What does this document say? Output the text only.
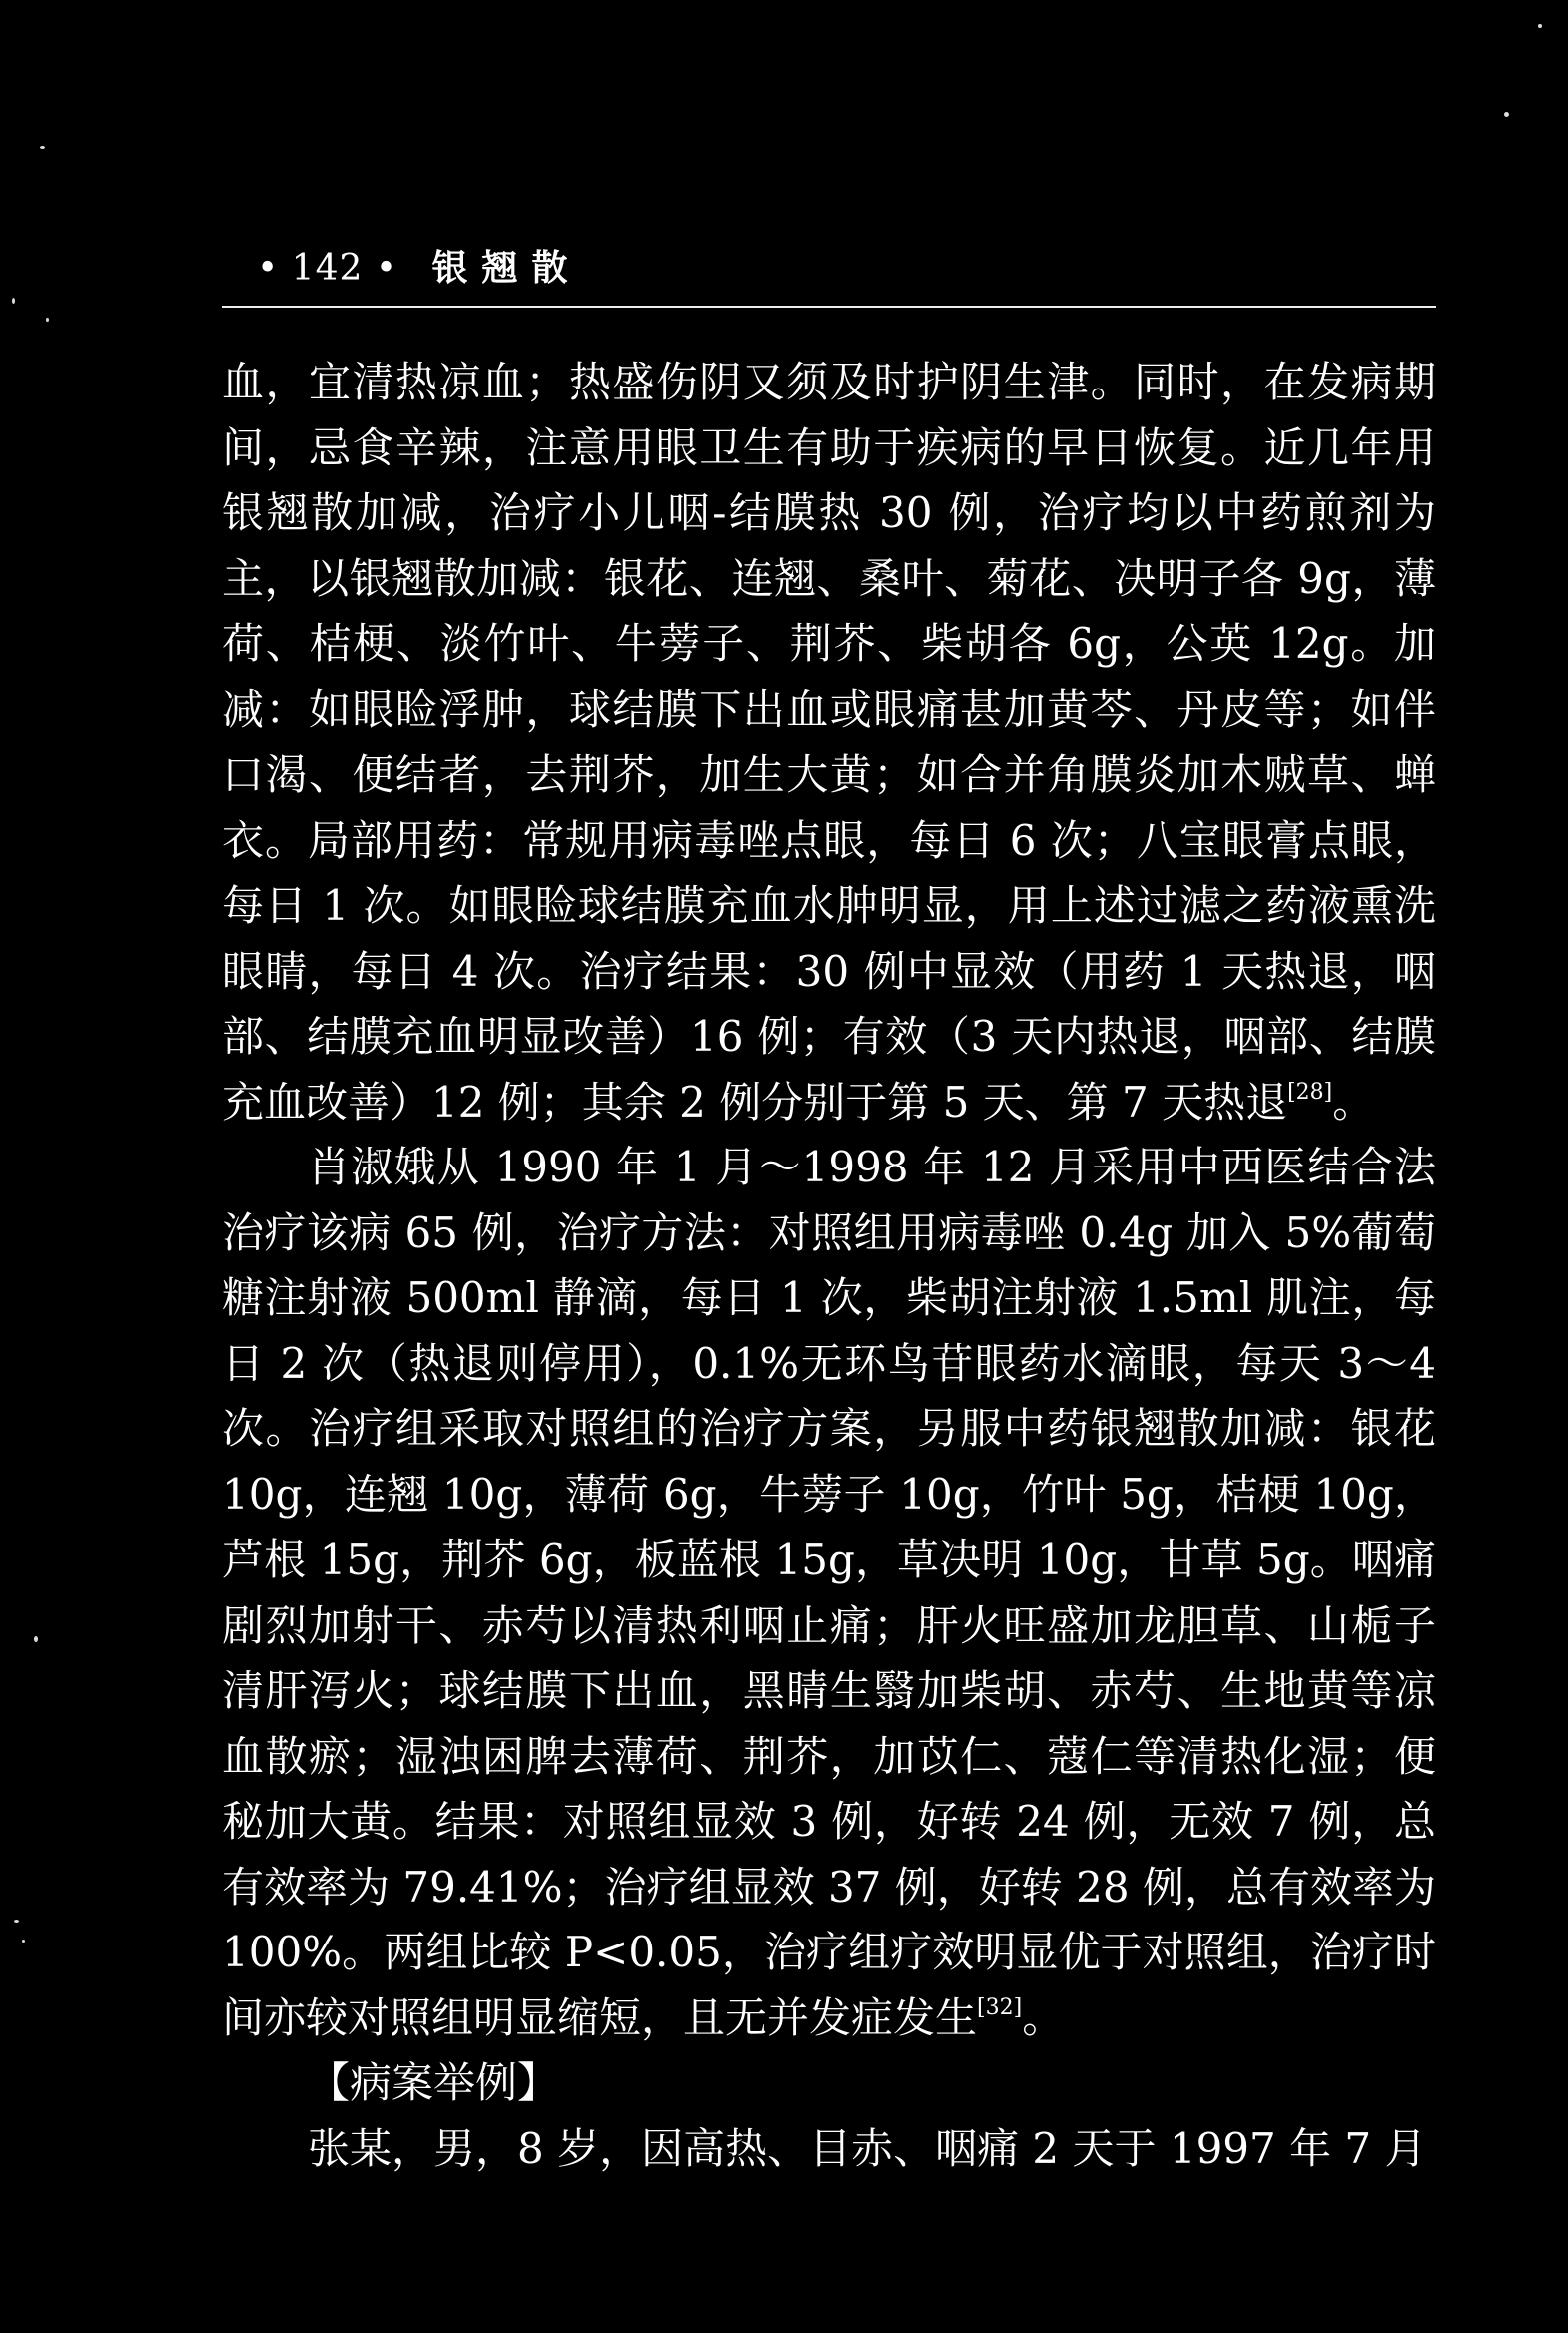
• 142 • 银翘散

血，宜清热凉血；热盛伤阴又须及时护阴生津。同时，在发病期间，忌食辛辣，注意用眼卫生有助于疾病的早日恢复。近几年用银翘散加减，治疗小儿咽-结膜热 30 例，治疗均以中药煎剂为主，以银翘散加减：银花、连翘、桑叶、菊花、决明子各 9g，薄荷、桔梗、淡竹叶、牛蒡子、荆芥、柴胡各 6g，公英 12g。加减：如眼睑浮肿，球结膜下出血或眼痛甚加黄芩、丹皮等；如伴口渴、便结者，去荆芥，加生大黄；如合并角膜炎加木贼草、蝉衣。局部用药：常规用病毒唑点眼，每日 6 次；八宝眼膏点眼，每日 1 次。如眼睑球结膜充血水肿明显，用上述过滤之药液熏洗眼睛，每日 4 次。治疗结果：30 例中显效（用药 1 天热退，咽部、结膜充血明显改善）16 例；有效（3 天内热退，咽部、结膜充血改善）12 例；其余 2 例分别于第 5 天、第 7 天热退[28]。

肖淑娥从 1990 年 1 月～1998 年 12 月采用中西医结合法治疗该病 65 例，治疗方法：对照组用病毒唑 0.4g 加入 5%葡萄糖注射液 500ml 静滴，每日 1 次，柴胡注射液 1.5ml 肌注，每日 2 次（热退则停用），0.1%无环鸟苷眼药水滴眼，每天 3～4 次。治疗组采取对照组的治疗方案，另服中药银翘散加减：银花 10g，连翘 10g，薄荷 6g，牛蒡子 10g，竹叶 5g，桔梗 10g，芦根 15g，荆芥 6g，板蓝根 15g，草决明 10g，甘草 5g。咽痛剧烈加射干、赤芍以清热利咽止痛；肝火旺盛加龙胆草、山栀子清肝泻火；球结膜下出血，黑睛生翳加柴胡、赤芍、生地黄等凉血散瘀；湿浊困脾去薄荷、荆芥，加苡仁、蔻仁等清热化湿；便秘加大黄。结果：对照组显效 3 例，好转 24 例，无效 7 例，总有效率为 79.41%；治疗组显效 37 例，好转 28 例，总有效率为 100%。两组比较 P<0.05，治疗组疗效明显优于对照组，治疗时间亦较对照组明显缩短，且无并发症发生[32]。

【病案举例】

张某，男，8 岁，因高热、目赤、咽痛 2 天于 1997 年 7 月
